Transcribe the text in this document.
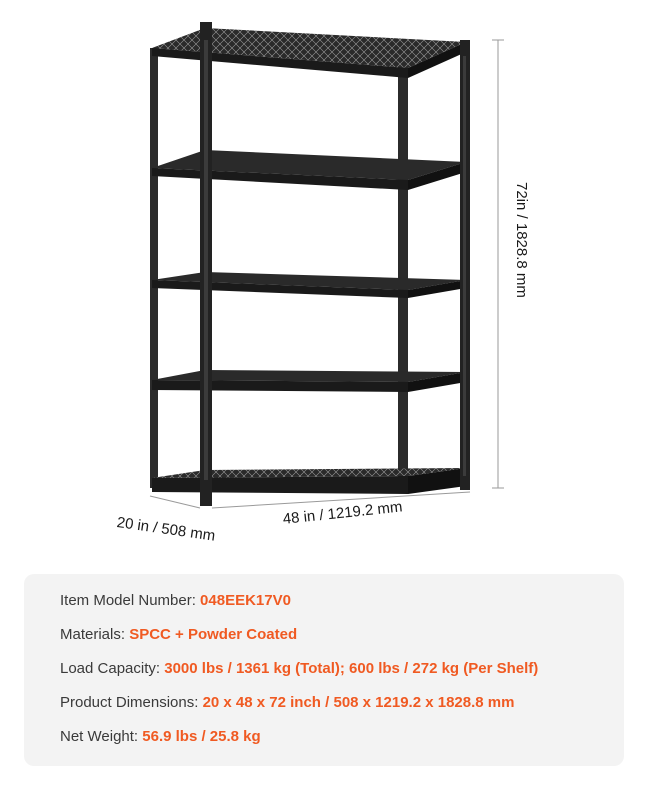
20 in / 508 mm
48 in / 1219.2 mm
72in / 1828.8 mm
Item Model Number: 048EEK17V0
Materials: SPCC + Powder Coated
Load Capacity: 3000 lbs / 1361 kg (Total); 600 lbs / 272 kg (Per Shelf)
Product Dimensions: 20 x 48 x 72 inch / 508 x 1219.2 x 1828.8 mm
Net Weight: 56.9 lbs / 25.8 kg
